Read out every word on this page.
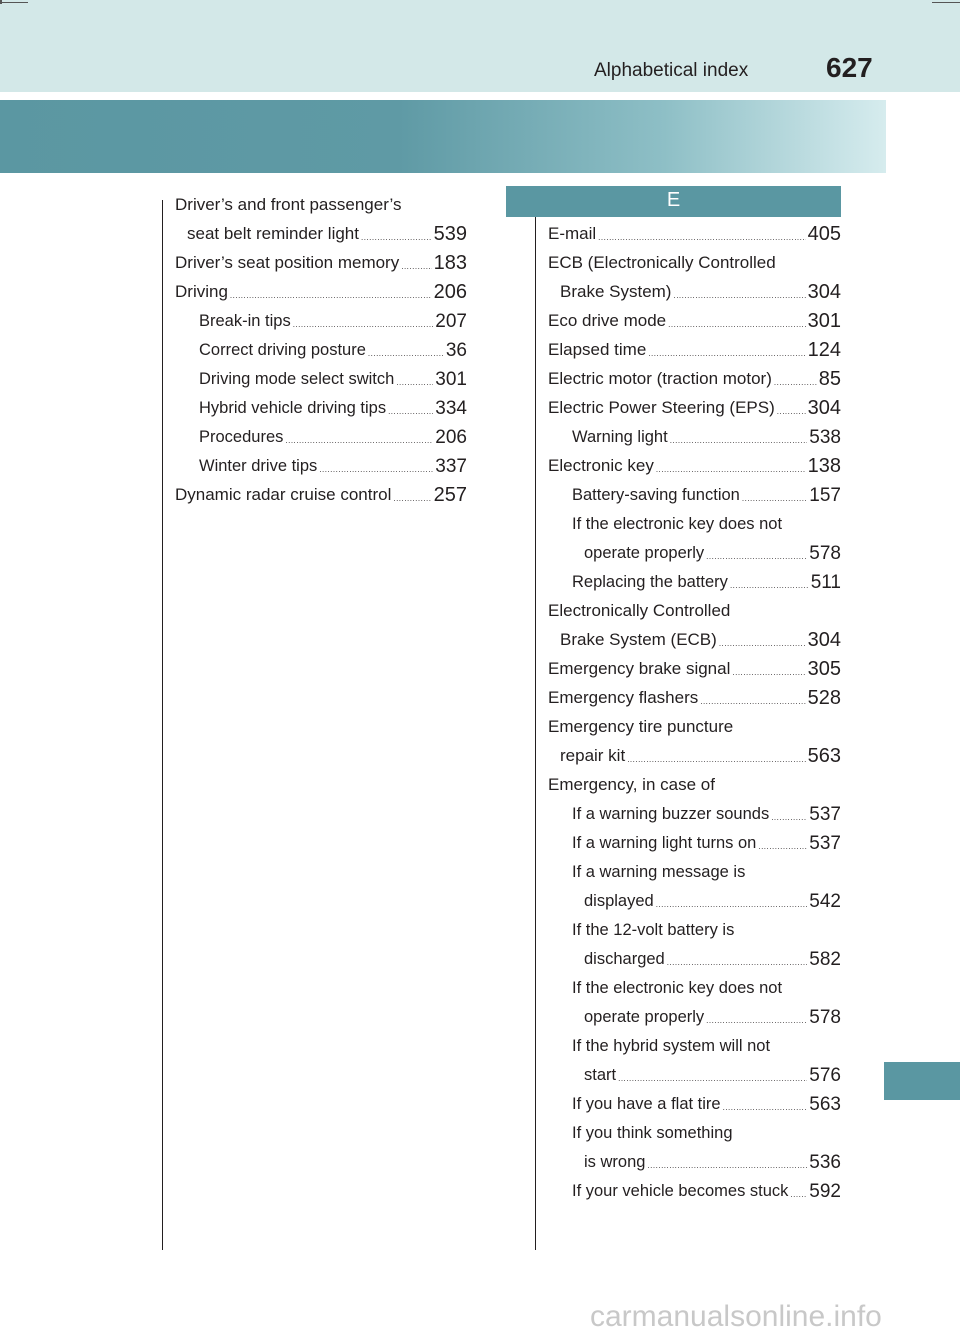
Alphabetical index	627
Driver’s and front passenger’s
seat belt reminder light .....	539
Driver’s seat position memory ..... 183
Driving .....	206
Break-in tips .....	207
Correct driving posture .....	36
Driving mode select switch ..... 301
Hybrid vehicle driving tips .....	334
Procedures .....	206
Winter drive tips .....	337
Dynamic radar cruise control ..... 257
E
E-mail .....	405
ECB (Electronically Controlled
Brake System) .....	304
Eco drive mode .....	301
Elapsed time .....	124
Electric motor (traction motor) ..... 85
Electric Power Steering (EPS) ..... 304
Warning light .....	538
Electronic key .....	138
Battery-saving function .....	157
If the electronic key does not
operate properly .....	578
Replacing the battery .....	511
Electronically Controlled
Brake System (ECB) .....	304
Emergency brake signal .....	305
Emergency flashers .....	528
Emergency tire puncture
repair kit .....	563
Emergency, in case of
If a warning buzzer sounds ..... 537
If a warning light turns on .....	537
If a warning message is
displayed .....	542
If the 12-volt battery is
discharged .....	582
If the electronic key does not
operate properly .....	578
If the hybrid system will not
start .....	576
If you have a flat tire .....	563
If you think something
is wrong .....	536
If your vehicle becomes stuck ..... 592
carmanualsonline.info
